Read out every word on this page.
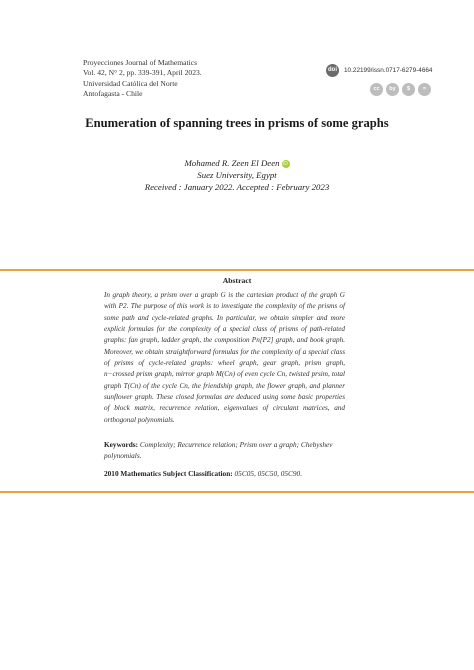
Proyecciones Journal of Mathematics
Vol. 42, N° 2, pp. 339-391, April 2023.
Universidad Católica del Norte
Antofagasta - Chile
doi	10.22199/issn.0717-6279-4664
cc	by	$	=
Enumeration of spanning trees in prisms of some graphs
Mohamed R. Zeen El Deen iD
Suez University, Egypt
Received : January 2022. Accepted : February 2023
Abstract
In graph theory, a prism over a graph G is the cartesian product of the graph G with P2. The purpose of this work is to investigate the complexity of the prisms of some path and cycle-related graphs. In particular, we obtain simpler and more explicit formulas for the complexity of a special class of prisms of path-related graphs: fan graph, ladder graph, the composition Pn[P2] graph, and book graph. Moreover, we obtain straightforward formulas for the complexity of a special class of prisms of cycle-related graphs: wheel graph, gear graph, prism graph, n−crossed prism graph, mirror graph M(Cn) of even cycle Cn, twisted prsim, total graph T(Cn) of the cycle Cn, the friendship graph, the flower graph, and planner sunflower graph. These closed formulas are deduced using some basic properties of block matrix, recurrence relation, eigenvalues of circulant matrices, and orthogonal polynomials.
Keywords: Complexity; Recurrence relation; Prism over a graph; Chebyshev polynomials.
2010 Mathematics Subject Classification: 05C05, 05C50, 05C90.
